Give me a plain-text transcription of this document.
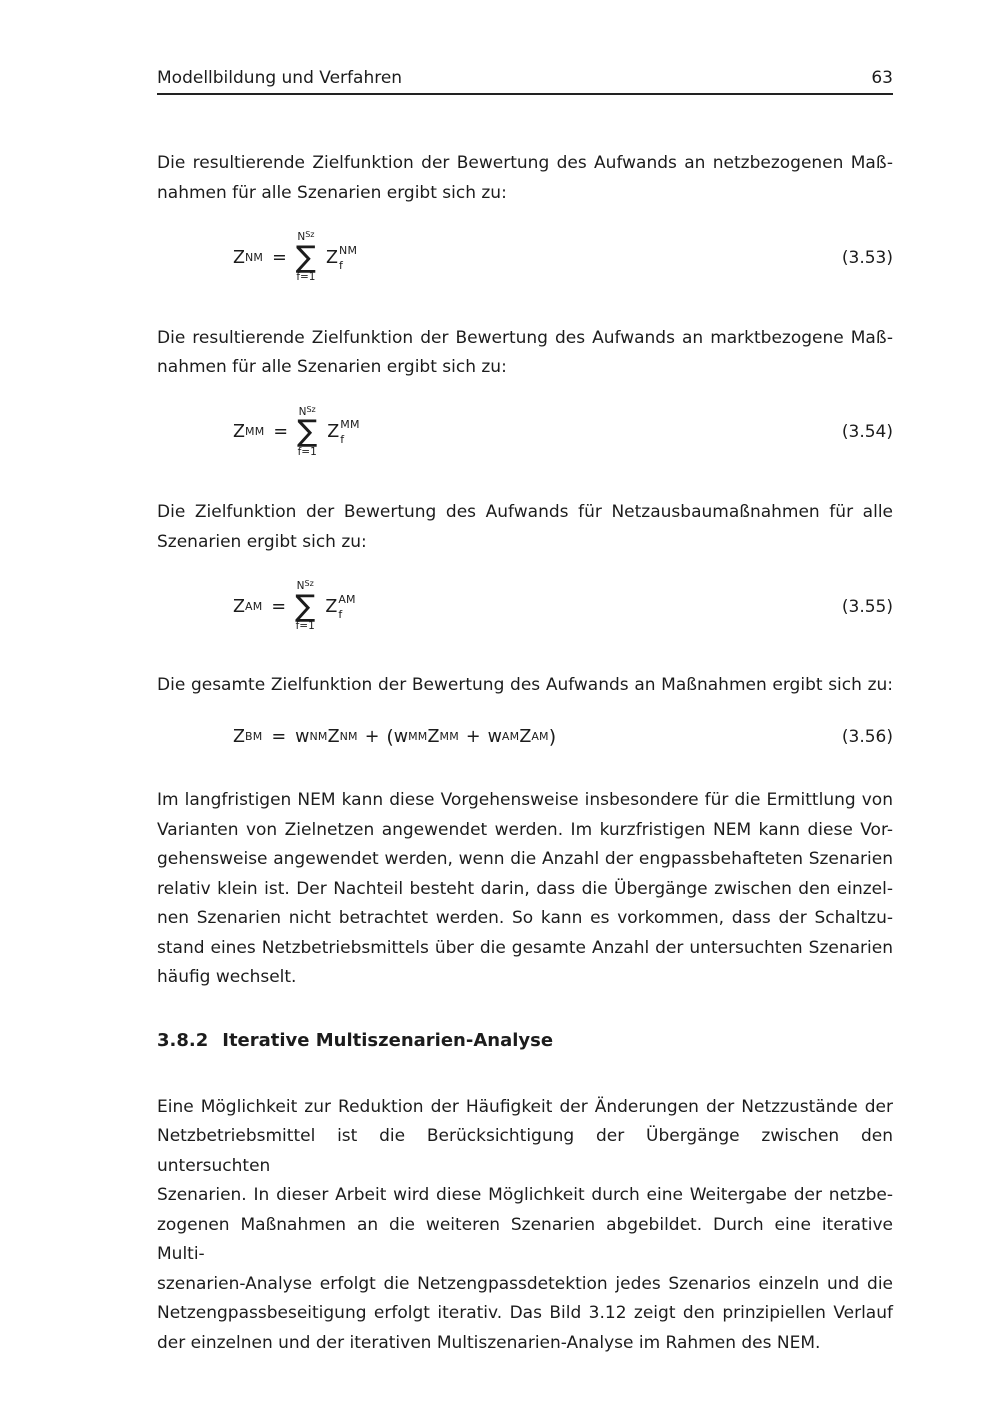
Modellbildung und Verfahren	63
Die resultierende Zielfunktion der Bewertung des Aufwands an netzbezogenen Maß-
nahmen für alle Szenarien ergibt sich zu:
Z NM =
$N^{Sz}$
∑
f=1
Z NM
f	(3.53)
Die resultierende Zielfunktion der Bewertung des Aufwands an marktbezogene Maß-
nahmen für alle Szenarien ergibt sich zu:
Z MM =
$N^{Sz}$
∑
f=1
Z MM
f	(3.54)
Die Zielfunktion der Bewertung des Aufwands für Netzausbaumaßnahmen für alle
Szenarien ergibt sich zu:
Z AM =
$N^{Sz}$
∑
f=1
Z AM
f	(3.55)
Die gesamte Zielfunktion der Bewertung des Aufwands an Maßnahmen ergibt sich zu:
Z BM = w NM Z NM + ( w MM Z MM + w AM Z AM )	(3.56)
Im langfristigen NEM kann diese Vorgehensweise insbesondere für die Ermittlung von
Varianten von Zielnetzen angewendet werden. Im kurzfristigen NEM kann diese Vor-
gehensweise angewendet werden, wenn die Anzahl der engpassbehafteten Szenarien
relativ klein ist. Der Nachteil besteht darin, dass die Übergänge zwischen den einzel-
nen Szenarien nicht betrachtet werden. So kann es vorkommen, dass der Schaltzu-
stand eines Netzbetriebsmittels über die gesamte Anzahl der untersuchten Szenarien
häufig wechselt.
3.8.2 Iterative Multiszenarien-Analyse
Eine Möglichkeit zur Reduktion der Häufigkeit der Änderungen der Netzzustände der
Netzbetriebsmittel ist die Berücksichtigung der Übergänge zwischen den untersuchten
Szenarien. In dieser Arbeit wird diese Möglichkeit durch eine Weitergabe der netzbe-
zogenen Maßnahmen an die weiteren Szenarien abgebildet. Durch eine iterative Multi-
szenarien-Analyse erfolgt die Netzengpassdetektion jedes Szenarios einzeln und die
Netzengpassbeseitigung erfolgt iterativ. Das Bild 3.12 zeigt den prinzipiellen Verlauf
der einzelnen und der iterativen Multiszenarien-Analyse im Rahmen des NEM.
